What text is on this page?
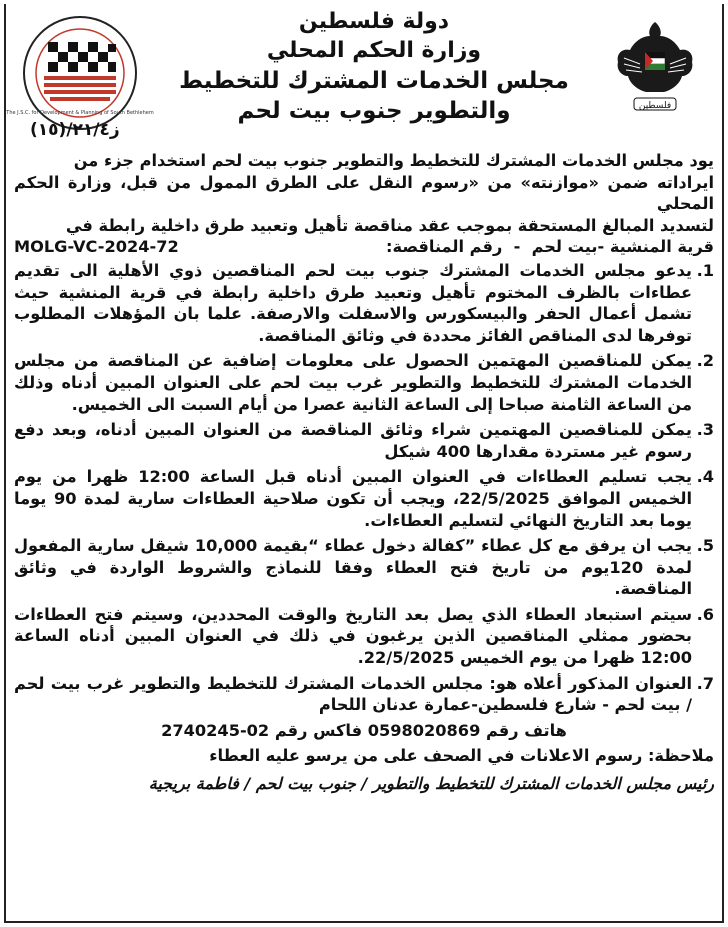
The J.S.C. for Development & Planning of South Bethlehem
فلسطين
دولة فلسطين
وزارة الحكم المحلي
مجلس الخدمات المشترك للتخطيط
والتطوير جنوب بيت لحم
ز٢١/٤/(١٥)
يود مجلس الخدمات المشترك للتخطيط والتطوير جنوب بيت لحم استخدام جزء من
ايراداته ضمن «موازنته» من «رسوم النقل على الطرق الممول من قبل، وزارة الحكم المحلي
لتسديد المبالغ المستحقة بموجب عقد مناقصة تأهيل وتعبيد طرق داخلية رابطة في
قرية المنشية -بيت لحم  -  رقم المناقصة:
MOLG-VC-2024-72
1.
يدعو مجلس الخدمات المشترك جنوب بيت لحم المناقصين ذوي الأهلية الى تقديم عطاءات بالظرف المختوم تأهيل وتعبيد طرق داخلية رابطة في قرية المنشية حيث تشمل أعمال الحفر والبيسكورس والاسفلت والارصفة. علما بان المؤهلات المطلوب توفرها لدى المناقص الفائز محددة في وثائق المناقصة.
2.
يمكن للمناقصين المهتمين الحصول على معلومات إضافية عن المناقصة من مجلس الخدمات المشترك للتخطيط والتطوير غرب بيت لحم على العنوان المبين أدناه وذلك من الساعة الثامنة صباحا إلى الساعة الثانية عصرا من أيام السبت الى الخميس.
3.
يمكن للمناقصين المهتمين شراء وثائق المناقصة من العنوان المبين أدناه، وبعد دفع رسوم غير مستردة مقدارها 400 شيكل
4.
يجب تسليم العطاءات في العنوان المبين أدناه قبل الساعة 12:00 ظهرا من يوم الخميس الموافق 22/5/2025، ويجب أن تكون صلاحية العطاءات سارية لمدة 90 يوما يوما بعد التاريخ النهائي لتسليم العطاءات.
5.
يجب ان يرفق مع كل عطاء ”كفالة دخول عطاء “بقيمة 10,000 شيقل سارية المفعول لمدة 120يوم من تاريخ فتح العطاء وفقا للنماذج والشروط الواردة في وثائق المناقصة.
6.
سيتم استبعاد العطاء الذي يصل بعد التاريخ والوقت المحددين، وسيتم فتح العطاءات بحضور ممثلي المناقصين الذين يرغبون في ذلك في العنوان المبين أدناه الساعة 12:00 ظهرا من يوم الخميس 22/5/2025.
7.
العنوان المذكور أعلاه هو: مجلس الخدمات المشترك للتخطيط والتطوير غرب بيت لحم / بيت لحم - شارع فلسطين-عمارة عدنان اللحام
هاتف رقم 0598020869 فاكس رقم 02-2740245
ملاحظة: رسوم الاعلانات في الصحف على من يرسو عليه العطاء
رئيس مجلس الخدمات المشترك للتخطيط والتطوير / جنوب بيت لحم / فاطمة بريجية
